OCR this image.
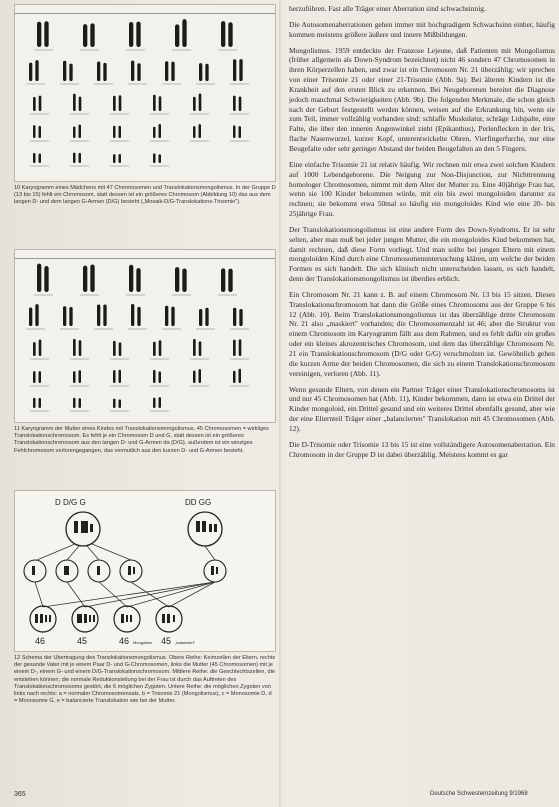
10 Karyogramm eines Mädchens mit 47 Chromosomen und Translokationsmongolismus. In der Gruppe D (13 bis 15) fehlt ein Chromosom, statt dessen ist ein größeres Chromosom (Abbildung 10) das aus dem langen D- und dem langen G-Armen (D/G) besteht („Mosaik-D/G-Translokations-Trisomie").
11 Karyogramm der Mutter eines Kindes mit Translokationsmongolismus, 45 Chromosomen = wirkliges Translokationschromosom. Es fehlt je ein Chromosom D und G, statt dessen ist ein größeres Translokationschromosom aus den langen D- und G-Armen da (D/G), außerdem ist ein winziges Fehlchromosom verlorengegangen, das vermutlich aus den kurzen D- und G-Armen besteht.
D D/G G	DD GG
46	45	46 Mongolism 45 „balanciert"
12 Schema der Übertragung des Translokationsmongolismus. Obere Reihe: Keimzellen der Eltern, rechts der gesunde Vater mit je einem Paar D- und G-Chromosomen, links die Mutter (45 Chromosomen) mit je einem D-, einem G- und einem D/G-Translokationschromosom. Mittlere Reihe: die Geschlechtszellen, die entstehen können; die normale Reduktionsteilung bei der Frau ist durch das Auftreten des Translokationschromosoms gestört, die 6 möglichen Zygoten. Untere Reihe: die möglichen Zygoten von links nach rechts: a = normaler Chromosomensatz, b = Trisomie 21 (Mongolismus), c = Monosomie D, d = Monosomie G, e = balancierte Translokation wie bei der Mutter.

herzuführen. Fast alle Träger einer Aberration sind schwachsinnig.

Die Autosomenaberrationen gehen immer mit hochgradigem Schwachsinn einher, häufig kommen meistens größere äußere und innere Mißbildungen.

Mongolismus. 1959 entdeckte der Franzose Lejeune, daß Patienten mit Mongolismus (früher allgemein als Down-Syndrom bezeichnet) nicht 46 sondern 47 Chromosomen in ihren Körperzellen haben, und zwar ist ein Chromosom Nr. 21 überzählig; wir sprechen von einer Trisomie 21 oder einer 21-Trisomie (Abb. 9a). Bei älteren Kindern ist die Krankheit auf den ersten Blick zu erkennen. Bei Neugeborenen bereitet die Diagnose jedoch manchmal Schwierigkeiten (Abb. 9b). Die folgenden Merkmale, die schon gleich nach der Geburt festgestellt werden können, weisen auf die Erkrankung hin, wenn sie zum Teil, immer vollzählig vorhanden sind: schlaffe Muskulatur, schräge Lidspalte, eine Falte, die über den inneren Augenwinkel zieht (Epikanthus), Perlenflecken in der Iris, flache Nasenwurzel, kurzer Kopf, unterentwickelte Ohren, Vierfingerfurche, nur eine Beugefalte oder sehr geringer Abstand der beiden Beugefalten an den 5 Fingern.

Eine einfache Trisomie 21 ist relativ häufig. Wir rechnen mit etwa zwei solchen Kindern auf 1000 Lebendgeborene. Die Neigung zur Non-Disjunction, zur Nichttrennung homologer Chromosomen, nimmt mit dem Alter der Mutter zu. Eine 40jährige Frau hat, wenn sie 100 Kinder bekommen würde, mit ein bis zwei mongoloiden darunter zu rechnen; sie bekommt etwa 50mal so häufig ein mongoloides Kind wie eine 20- bis 25jährige Frau.

Der Translokationsmongolismus ist eine andere Form des Down-Syndroms. Er ist sehr selten, aber man muß bei jeder jungen Mutter, die ein mongoloides Kind bekommen hat, damit rechnen, daß diese Form vorliegt. Und man sollte bei jungen Eltern mit einem mongoloiden Kind durch eine Chromosomenuntersuchung klären, um welche der beiden Formen es sich handelt. Die sich klinisch nicht unterscheiden lassen, es sich handelt, denn der Translokationsmongolismus ist überdies erblich.

Ein Chromosom Nr. 21 kann z. B. auf einem Chromosom Nr. 13 bis 15 sitzen. Dieses Translokationschromosom hat dann die Größe eines Chromosoms aus der Gruppe 6 bis 12 (Abb. 10). Beim Translokationsmongolismus ist das überzählige dritte Chromosom Nr. 21 also „maskiert" vorhanden; die Chromosomenzahl ist 46; aber die Struktur von einem Chromosom im Karyogramm fällt aus dem Rahmen, und es fehlt dafür ein großes oder ein kleines akrozentrisches Chromosom, und dem das überzählige Chromosom Nr. 21 ein Translokationschromosom (D/G oder G/G) verschmolzen ist. Gewöhnlich gehen die kurzen Arme der beiden Chromosomen, die sich zu einem Translokationschromosom vereinigen, verloren (Abb. 11).

Wenn gesunde Eltern, von denen ein Partner Träger einer Translokationschromosoms ist und nur 45 Chromosomen hat (Abb. 11), Kinder bekommen, dann ist etwa ein Drittel der Kinder mongoloid, ein Drittel gesund und ein weiteres Drittel ebenfalls gesund, aber wie der eine Elternteil Träger einer „balancierten" Translokation mit 45 Chromosomen (Abb. 12).

Die D-Trisomie oder Trisomie 13 bis 15 ist eine vollständigere Autosomenaberration. Ein Chromosom in der Gruppe D ist dabei überzählig. Meistens kommt es gar

365	Deutsche Schwesternzeitung 9/1968
